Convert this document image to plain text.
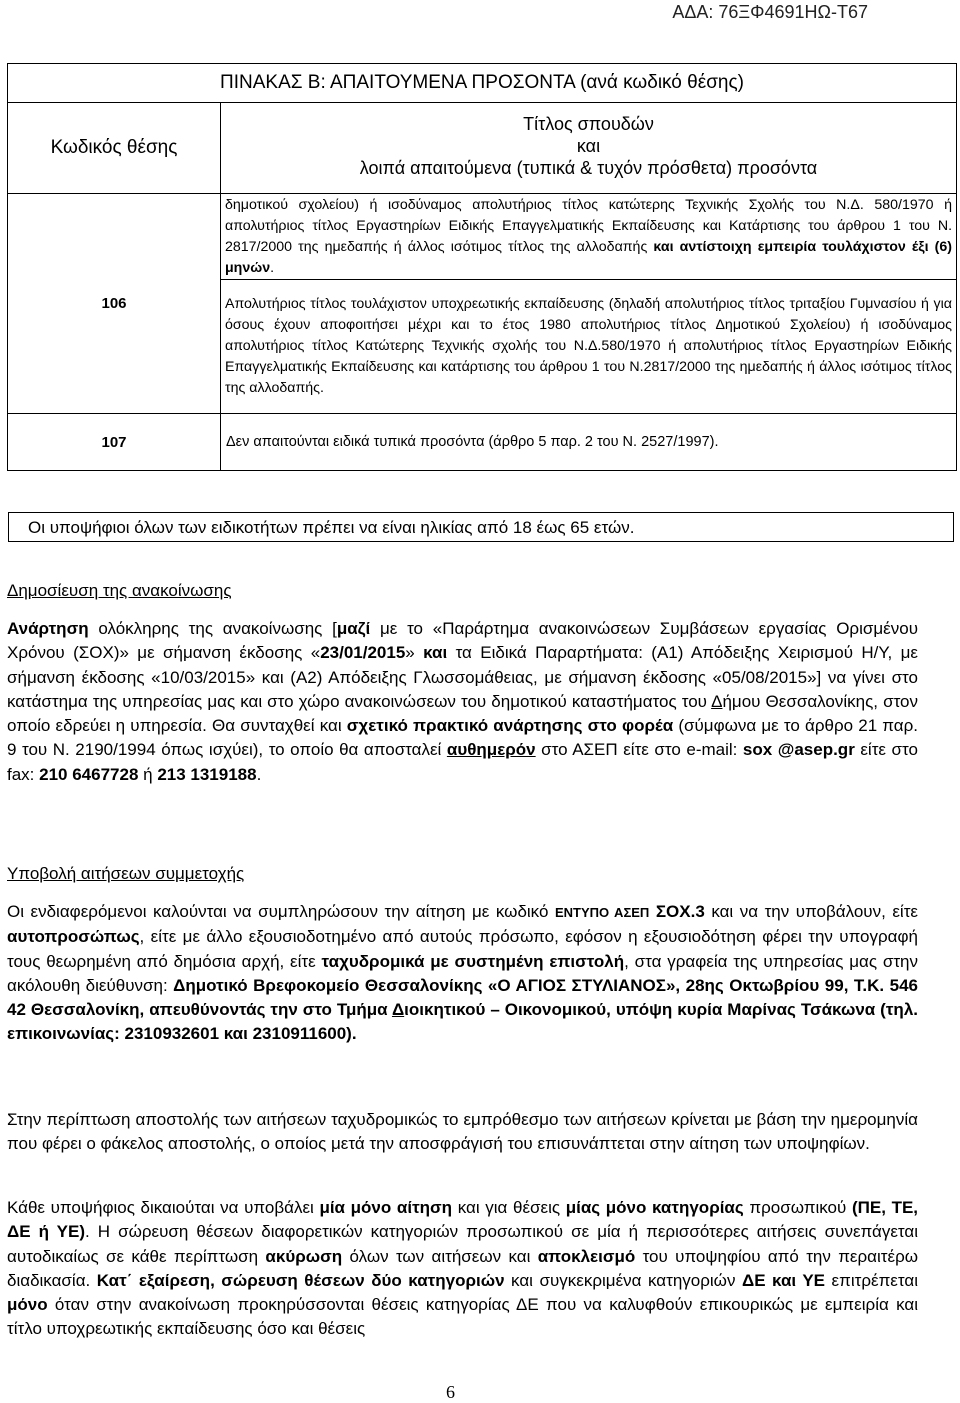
ΑΔΑ: 76ΞΦ4691ΗΩ-Τ67
ΠΙΝΑΚΑΣ Β: ΑΠΑΙΤΟΥΜΕΝΑ ΠΡΟΣΟΝΤΑ (ανά κωδικό θέσης)	
Κωδικός θέσης	Τίτλος σπουδών
και
λοιπά απαιτούμενα (τυπικά & τυχόν πρόσθετα) προσόντα

106	δημοτικού σχολείου) ή ισοδύναμος απολυτήριος τίτλος κατώτερης Τεχνικής Σχολής του Ν.Δ. 580/1970 ή απολυτήριος τίτλος Εργαστηρίων Ειδικής Επαγγελματικής Εκπαίδευσης και Κατάρτισης του άρθρου 1 του Ν. 2817/2000 της ημεδαπής ή άλλος ισότιμος τίτλος της αλλοδαπής και αντίστοιχη εμπειρία τουλάχιστον έξι (6) μηνών.
	Απολυτήριος τίτλος τουλάχιστον υποχρεωτικής εκπαίδευσης (δηλαδή απολυτήριος τίτλος τριταξίου Γυμνασίου ή για όσους έχουν αποφοιτήσει μέχρι και το έτος 1980 απολυτήριος τίτλος Δημοτικού Σχολείου) ή ισοδύναμος απολυτήριος τίτλος Κατώτερης Τεχνικής σχολής του Ν.Δ.580/1970 ή απολυτήριος τίτλος Εργαστηρίων Ειδικής Επαγγελματικής Εκπαίδευσης και κατάρτισης του άρθρου 1 του Ν.2817/2000 της ημεδαπής ή άλλος ισότιμος τίτλος της αλλοδαπής.
107	Δεν απαιτούνται ειδικά τυπικά προσόντα (άρθρο 5 παρ. 2 του Ν. 2527/1997).
Οι υποψήφιοι όλων των ειδικοτήτων πρέπει να είναι ηλικίας από 18 έως 65 ετών.
Δημοσίευση της ανακοίνωσης

Ανάρτηση ολόκληρης της ανακοίνωσης [μαζί με το «Παράρτημα ανακοινώσεων Συμβάσεων εργασίας Ορισμένου Χρόνου (ΣΟΧ)» με σήμανση έκδοσης «23/01/2015» και τα Ειδικά Παραρτήματα: (Α1) Απόδειξης Χειρισμού Η/Υ, με σήμανση έκδοσης «10/03/2015» και (Α2) Απόδειξης Γλωσσομάθειας, με σήμανση έκδοσης «05/08/2015»] να γίνει στο κατάστημα της υπηρεσίας μας και στο χώρο ανακοινώσεων του δημοτικού καταστήματος του Δήμου Θεσσαλονίκης, στον οποίο εδρεύει η υπηρεσία. Θα συνταχθεί και σχετικό πρακτικό ανάρτησης στο φορέα (σύμφωνα με το άρθρο 21 παρ. 9 του Ν. 2190/1994 όπως ισχύει), το οποίο θα αποσταλεί αυθημερόν στο ΑΣΕΠ είτε στο e-mail: sox @asep.gr είτε στο fax: 210 6467728 ή 213 1319188.

Υποβολή αιτήσεων συμμετοχής

Οι ενδιαφερόμενοι καλούνται να συμπληρώσουν την αίτηση με κωδικό ΕΝΤΥΠΟ ΑΣΕΠ ΣΟΧ.3 και να την υποβάλουν, είτε αυτοπροσώπως, είτε με άλλο εξουσιοδοτημένο από αυτούς πρόσωπο, εφόσον η εξουσιοδότηση φέρει την υπογραφή τους θεωρημένη από δημόσια αρχή, είτε ταχυδρομικά με συστημένη επιστολή, στα γραφεία της υπηρεσίας μας στην ακόλουθη διεύθυνση: Δημοτικό Βρεφοκομείο Θεσσαλονίκης «Ο ΑΓΙΟΣ ΣΤΥΛΙΑΝΟΣ», 28ης Οκτωβρίου 99, Τ.Κ. 546 42 Θεσσαλονίκη, απευθύνοντάς την στο Τμήμα Διοικητικού – Οικονομικού, υπόψη κυρία Μαρίνας Τσάκωνα (τηλ. επικοινωνίας: 2310932601 και 2310911600).

Στην περίπτωση αποστολής των αιτήσεων ταχυδρομικώς το εμπρόθεσμο των αιτήσεων κρίνεται με βάση την ημερομηνία που φέρει ο φάκελος αποστολής, ο οποίος μετά την αποσφράγισή του επισυνάπτεται στην αίτηση των υποψηφίων.

Κάθε υποψήφιος δικαιούται να υποβάλει μία μόνο αίτηση και για θέσεις μίας μόνο κατηγορίας προσωπικού (ΠΕ, ΤΕ, ΔΕ ή ΥΕ). Η σώρευση θέσεων διαφορετικών κατηγοριών προσωπικού σε μία ή περισσότερες αιτήσεις συνεπάγεται αυτοδικαίως σε κάθε περίπτωση ακύρωση όλων των αιτήσεων και αποκλεισμό του υποψηφίου από την περαιτέρω διαδικασία. Κατ΄ εξαίρεση, σώρευση θέσεων δύο κατηγοριών και συγκεκριμένα κατηγοριών ΔΕ και ΥΕ επιτρέπεται μόνο όταν στην ανακοίνωση προκηρύσσονται θέσεις κατηγορίας ΔΕ που να καλυφθούν επικουρικώς με εμπειρία και τίτλο υποχρεωτικής εκπαίδευσης όσο και θέσεις

6
